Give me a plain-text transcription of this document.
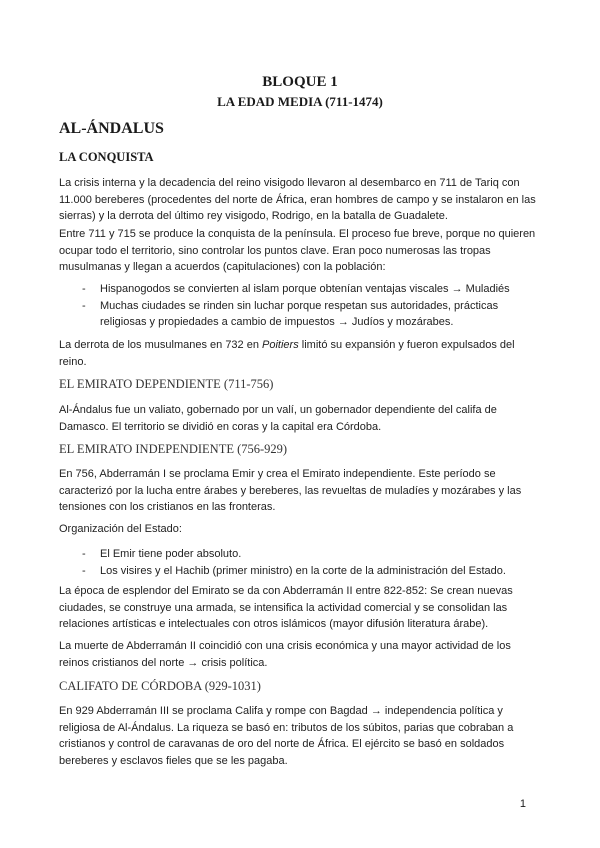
BLOQUE 1
LA EDAD MEDIA (711-1474)
AL-ÁNDALUS
LA CONQUISTA
La crisis interna y la decadencia del reino visigodo llevaron al desembarco en 711 de Tariq con 11.000 bereberes (procedentes del norte de África, eran hombres de campo y se instalaron en las sierras) y la derrota del último rey visigodo, Rodrigo, en la batalla de Guadalete.
Entre 711 y 715 se produce la conquista de la península. El proceso fue breve, porque no quieren ocupar todo el territorio, sino controlar los puntos clave. Eran poco numerosas las tropas musulmanas y llegan a acuerdos (capitulaciones) con la población:
- Hispanogodos se convierten al islam porque obtenían ventajas viscales → Muladiés
- Muchas ciudades se rinden sin luchar porque respetan sus autoridades, prácticas religiosas y propiedades a cambio de impuestos → Judíos y mozárabes.
La derrota de los musulmanes en 732 en Poitiers limitó su expansión y fueron expulsados del reino.
EL EMIRATO DEPENDIENTE (711-756)
Al-Ándalus fue un valiato, gobernado por un valí, un gobernador dependiente del califa de Damasco. El territorio se dividió en coras y la capital era Córdoba.
EL EMIRATO INDEPENDIENTE (756-929)
En 756, Abderramán I se proclama Emir y crea el Emirato independiente. Este período se caracterizó por la lucha entre árabes y bereberes, las revueltas de muladíes y mozárabes y las tensiones con los cristianos en las fronteras.
Organización del Estado:
- El Emir tiene poder absoluto.
- Los visires y el Hachib (primer ministro) en la corte de la administración del Estado.
La época de esplendor del Emirato se da con Abderramán II entre 822-852: Se crean nuevas ciudades, se construye una armada, se intensifica la actividad comercial y se consolidan las relaciones artísticas e intelectuales con otros islámicos (mayor difusión literatura árabe).
La muerte de Abderramán II coincidió con una crisis económica y una mayor actividad de los reinos cristianos del norte → crisis política.
CALIFATO DE CÓRDOBA (929-1031)
En 929 Abderramán III se proclama Califa y rompe con Bagdad → independencia política y religiosa de Al-Ándalus. La riqueza se basó en: tributos de los súbitos, parias que cobraban a cristianos y control de caravanas de oro del norte de África. El ejército se basó en soldados bereberes y esclavos fieles que se les pagaba.
1
